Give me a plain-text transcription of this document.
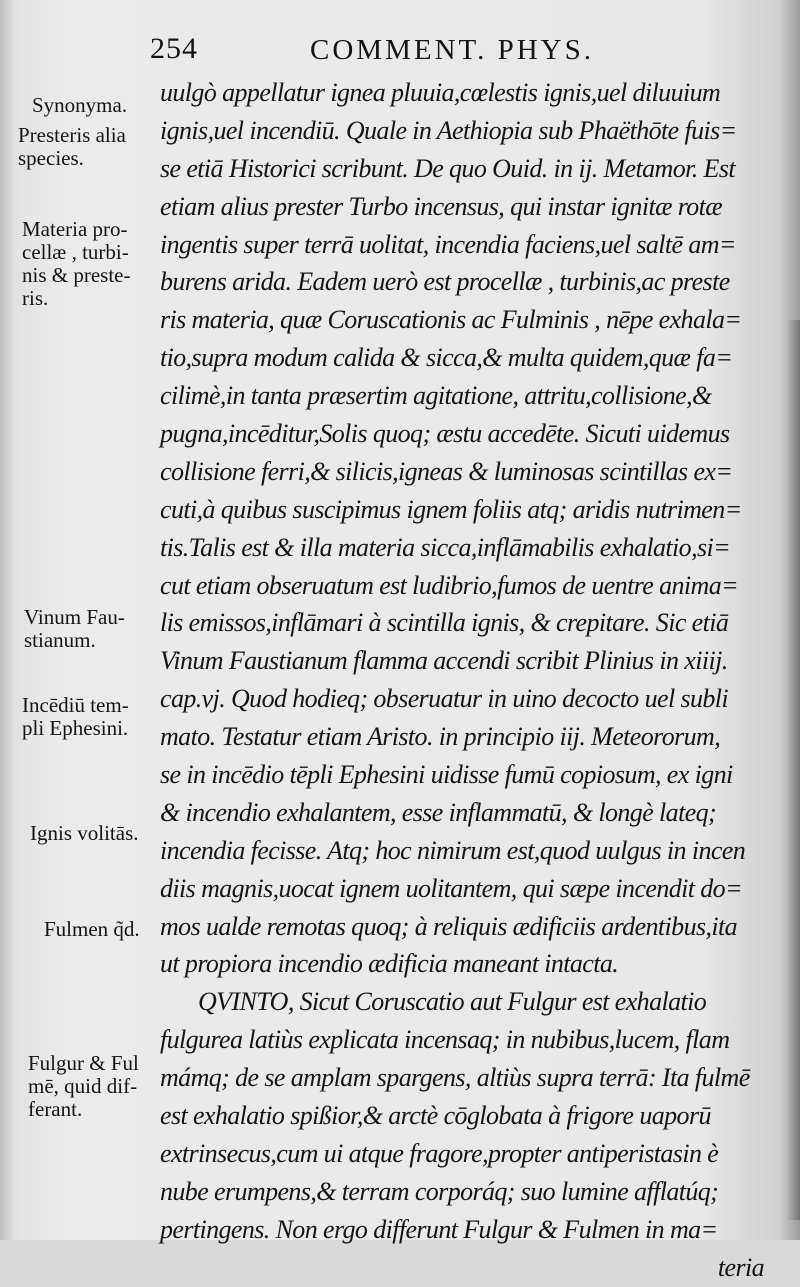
254	COMMENT. PHYS.
Synonyma.
Presteris alia
species.
Materia pro-
cellæ , turbi-
nis & preste-
ris.
Vinum Fau-
stianum.
Incēdiū tem-
pli Ephesini.
Ignis volitās.
Fulmen q̃d.
Fulgur & Ful
mē, quid dif-
ferant.
uulgò appellatur ignea pluuia,cœlestis ignis,uel diluuium
ignis,uel incendiū. Quale in Aethiopia sub Phaëthōte fuis=
se etiā Historici scribunt. De quo Ouid. in ij. Metamor. Est
etiam alius prester Turbo incensus, qui instar ignitæ rotæ
ingentis super terrā uolitat, incendia faciens,uel saltē am=
burens arida. Eadem uerò est procellæ , turbinis,ac preste
ris materia, quæ Coruscationis ac Fulminis , nēpe exhala=
tio,supra modum calida & sicca,& multa quidem,quæ fa=
cilimè,in tanta præsertim agitatione, attritu,collisione,&
pugna,incēditur,Solis quoq; æstu accedēte. Sicuti uidemus
collisione ferri,& silicis,igneas & luminosas scintillas ex=
cuti,à quibus suscipimus ignem foliis atq; aridis nutrimen=
tis.Talis est & illa materia sicca,inflāmabilis exhalatio,si=
cut etiam obseruatum est ludibrio,fumos de uentre anima=
lis emissos,inflāmari à scintilla ignis, & crepitare. Sic etiā
Vinum Faustianum flamma accendi scribit Plinius in xiiij.
cap.vj. Quod hodieq; obseruatur in uino decocto uel subli
mato. Testatur etiam Aristo. in principio iij. Meteororum,
se in incēdio tēpli Ephesini uidisse fumū copiosum, ex igni
& incendio exhalantem, esse inflammatū, & longè lateq;
incendia fecisse. Atq; hoc nimirum est,quod uulgus in incen
diis magnis,uocat ignem uolitantem, qui sæpe incendit do=
mos ualde remotas quoq; à reliquis ædificiis ardentibus,ita
ut propiora incendio ædificia maneant intacta.
QVINTO, Sicut Coruscatio aut Fulgur est exhalatio
fulgurea latiùs explicata incensaq; in nubibus,lucem, flam
mámq; de se amplam spargens, altiùs supra terrā: Ita fulmē
est exhalatio spißior,& arctè cōglobata à frigore uaporū
extrinsecus,cum ui atque fragore,propter antiperistasin è
nube erumpens,& terram corporáq; suo lumine afflatúq;
pertingens. Non ergo differunt Fulgur & Fulmen in ma=
teria
